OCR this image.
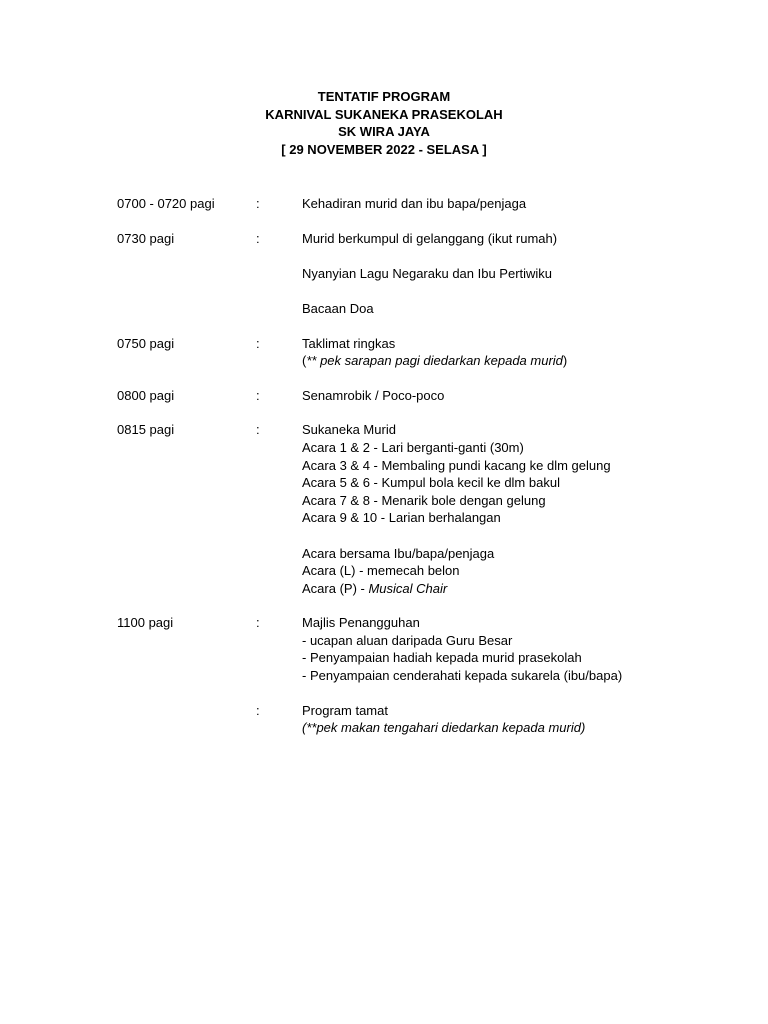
TENTATIF PROGRAM
KARNIVAL SUKANEKA PRASEKOLAH
SK WIRA JAYA
[ 29 NOVEMBER 2022 - SELASA ]
0700 - 0720 pagi	:	Kehadiran murid dan ibu bapa/penjaga
0730 pagi	:	Murid berkumpul di gelanggang (ikut rumah)
Nyanyian Lagu Negaraku dan Ibu Pertiwiku
Bacaan Doa
0750 pagi	:	Taklimat ringkas
(** pek sarapan pagi diedarkan kepada murid)
0800 pagi	:	Senamrobik / Poco-poco
0815 pagi	:	Sukaneka Murid
Acara 1 & 2 - Lari berganti-ganti (30m)
Acara 3 & 4 - Membaling pundi kacang ke dlm gelung
Acara 5 & 6 - Kumpul bola kecil ke dlm bakul
Acara 7 & 8 - Menarik bole dengan gelung
Acara 9 & 10 - Larian berhalangan
Acara bersama Ibu/bapa/penjaga
Acara (L) - memecah belon
Acara (P) - Musical Chair
1100 pagi	:	Majlis Penangguhan
- ucapan aluan daripada Guru Besar
- Penyampaian hadiah kepada murid prasekolah
- Penyampaian cenderahati kepada sukarela (ibu/bapa)
:	Program tamat
(**pek makan tengahari diedarkan kepada murid)
